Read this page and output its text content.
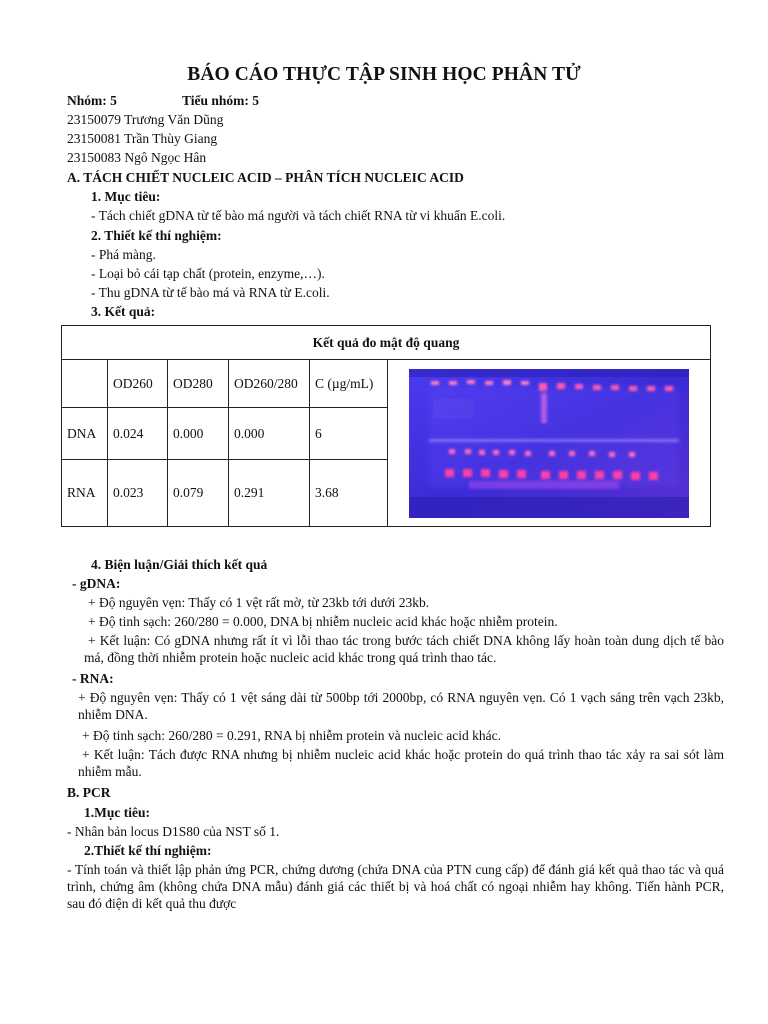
BÁO CÁO THỰC TẬP SINH HỌC PHÂN TỬ
Nhóm: 5	Tiểu nhóm: 5
23150079 Trương Văn Dũng
23150081 Trần Thùy Giang
23150083 Ngô Ngọc Hân
A. TÁCH CHIẾT NUCLEIC ACID – PHÂN TÍCH NUCLEIC ACID
1. Mục tiêu:
- Tách chiết gDNA từ tế bào má người và tách chiết RNA từ vi khuẩn E.coli.
2. Thiết kế thí nghiệm:
- Phá màng.
- Loại bỏ cái tạp chất (protein, enzyme,…).
- Thu gDNA từ tế bào má và RNA từ E.coli.
3. Kết quả:
Kết quả đo mật độ quang					
	OD260	OD280	OD260/280	C (µg/mL)	

DNA	0.024	0.000	0.000	6	
RNA	0.023	0.079	0.291	3.68	
4. Biện luận/Giải thích kết quả
- gDNA:
+ Độ nguyên vẹn: Thấy có 1 vệt rất mờ, từ 23kb tới dưới 23kb.
+ Độ tinh sạch: 260/280 = 0.000, DNA bị nhiễm nucleic acid khác hoặc nhiễm protein.
+ Kết luận: Có gDNA nhưng rất ít vì lỗi thao tác trong bước tách chiết DNA không lấy hoàn toàn dung dịch tế bào má, đồng thời nhiễm protein hoặc nucleic acid khác trong quá trình thao tác.
- RNA:
+ Độ nguyên vẹn: Thấy có 1 vệt sáng dài từ 500bp tới 2000bp, có RNA nguyên vẹn. Có 1 vạch sáng trên vạch 23kb, nhiễm DNA.
+ Độ tinh sạch: 260/280 = 0.291, RNA bị nhiễm protein và nucleic acid khác.
+ Kết luận: Tách được RNA nhưng bị nhiễm nucleic acid khác hoặc protein do quá trình thao tác xảy ra sai sót làm nhiễm mẫu.
B. PCR
1.Mục tiêu:
- Nhân bản locus D1S80 của NST số 1.
2.Thiết kế thí nghiệm:
- Tính toán và thiết lập phản ứng PCR, chứng dương (chứa DNA của PTN cung cấp) để đánh giá kết quả thao tác và quá trình, chứng âm (không chứa DNA mẫu) đánh giá các thiết bị và hoá chất có ngoại nhiễm hay không. Tiến hành PCR, sau đó điện di kết quả thu được
